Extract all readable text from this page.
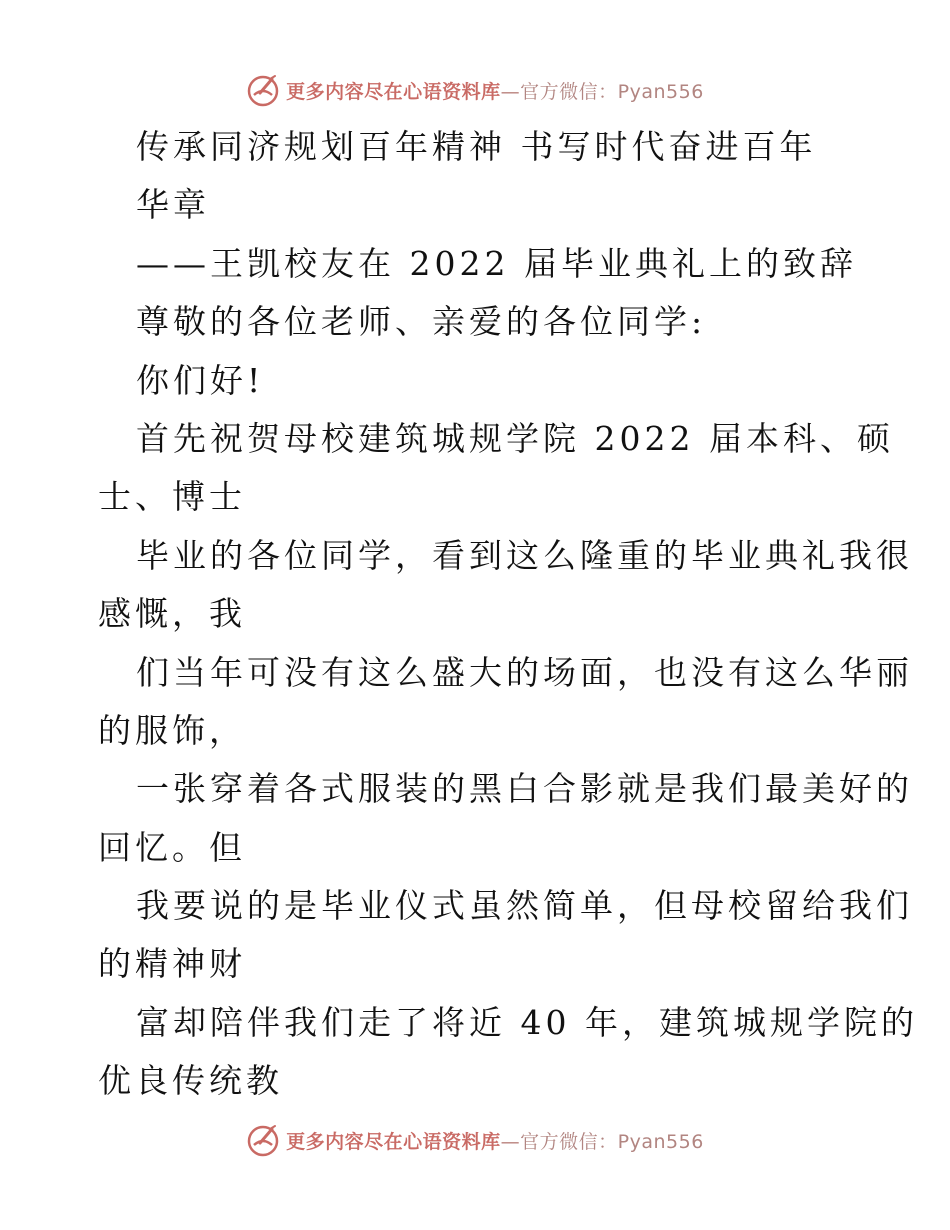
更多内容尽在心语资料库—官方微信：Pyan556
传承同济规划百年精神 书写时代奋进百年
华章
——王凯校友在 2022 届毕业典礼上的致辞
尊敬的各位老师、亲爱的各位同学:
你们好!
首先祝贺母校建筑城规学院 2022 届本科、硕
士、博士
毕业的各位同学，看到这么隆重的毕业典礼我很
感慨，我
们当年可没有这么盛大的场面，也没有这么华丽
的服饰，
一张穿着各式服装的黑白合影就是我们最美好的
回忆。但
我要说的是毕业仪式虽然简单，但母校留给我们
的精神财
富却陪伴我们走了将近 40 年，建筑城规学院的
优良传统教
更多内容尽在心语资料库—官方微信：Pyan556
